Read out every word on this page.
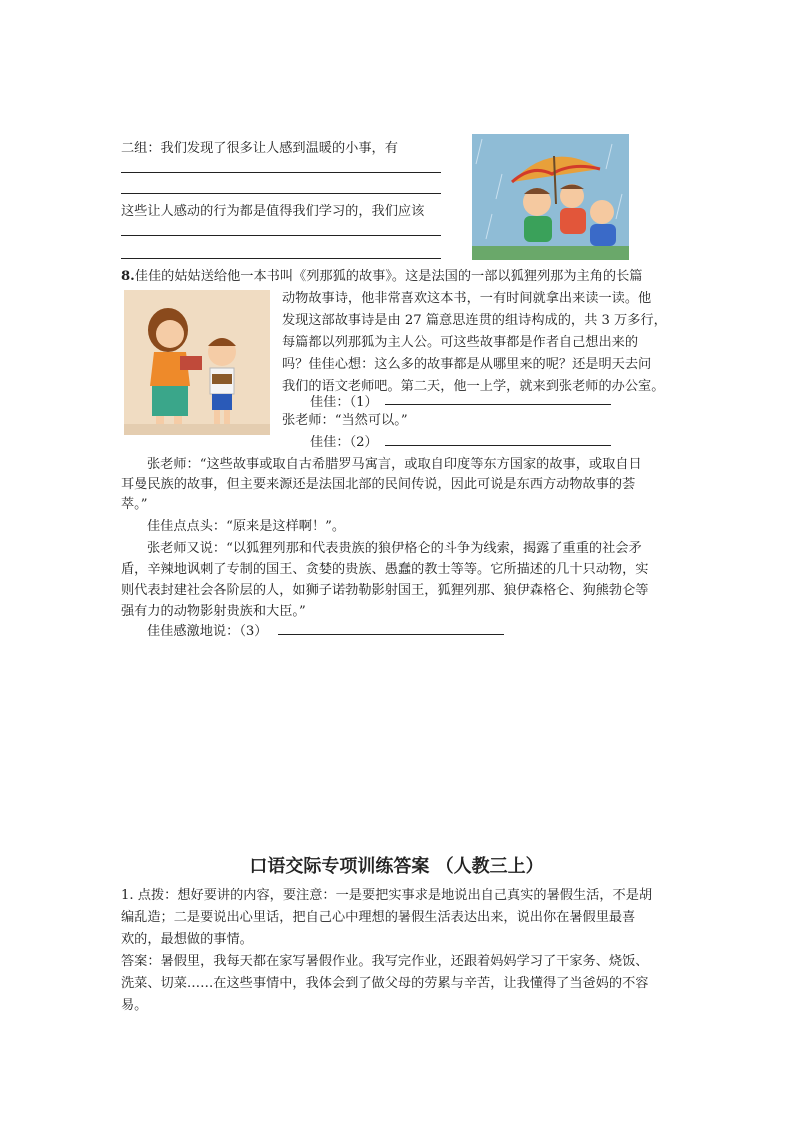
二组：我们发现了很多让人感到温暖的小事，有
这些让人感动的行为都是值得我们学习的，我们应该
8.佳佳的姑姑送给他一本书叫《列那狐的故事》。这是法国的一部以狐狸列那为主角的长篇
动物故事诗，他非常喜欢这本书，一有时间就拿出来读一读。他
发现这部故事诗是由 27 篇意思连贯的组诗构成的，共 3 万多行，
每篇都以列那狐为主人公。可这些故事都是作者自己想出来的
吗？佳佳心想：这么多的故事都是从哪里来的呢？还是明天去问
我们的语文老师吧。第二天，他一上学，就来到张老师的办公室。
佳佳：（1）
张老师：“当然可以。”
佳佳：（2）
张老师：“这些故事或取自古希腊罗马寓言，或取自印度等东方国家的故事，或取自日
耳曼民族的故事，但主要来源还是法国北部的民间传说，因此可说是东西方动物故事的荟
萃。”
佳佳点点头：“原来是这样啊！”。
张老师又说：“以狐狸列那和代表贵族的狼伊格仑的斗争为线索，揭露了重重的社会矛
盾，辛辣地讽刺了专制的国王、贪婪的贵族、愚蠢的教士等等。它所描述的几十只动物，实
则代表封建社会各阶层的人，如狮子诺勃勒影射国王，狐狸列那、狼伊森格仑、狗熊勃仑等
强有力的动物影射贵族和大臣。”
佳佳感激地说：（3）
口语交际专项训练答案 （人教三上）
1. 点拨：想好要讲的内容，要注意：一是要把实事求是地说出自己真实的暑假生活，不是胡
编乱造；二是要说出心里话，把自己心中理想的暑假生活表达出来，说出你在暑假里最喜
欢的，最想做的事情。
答案：暑假里，我每天都在家写暑假作业。我写完作业，还跟着妈妈学习了干家务、烧饭、
洗菜、切菜……在这些事情中，我体会到了做父母的劳累与辛苦，让我懂得了当爸妈的不容
易。
